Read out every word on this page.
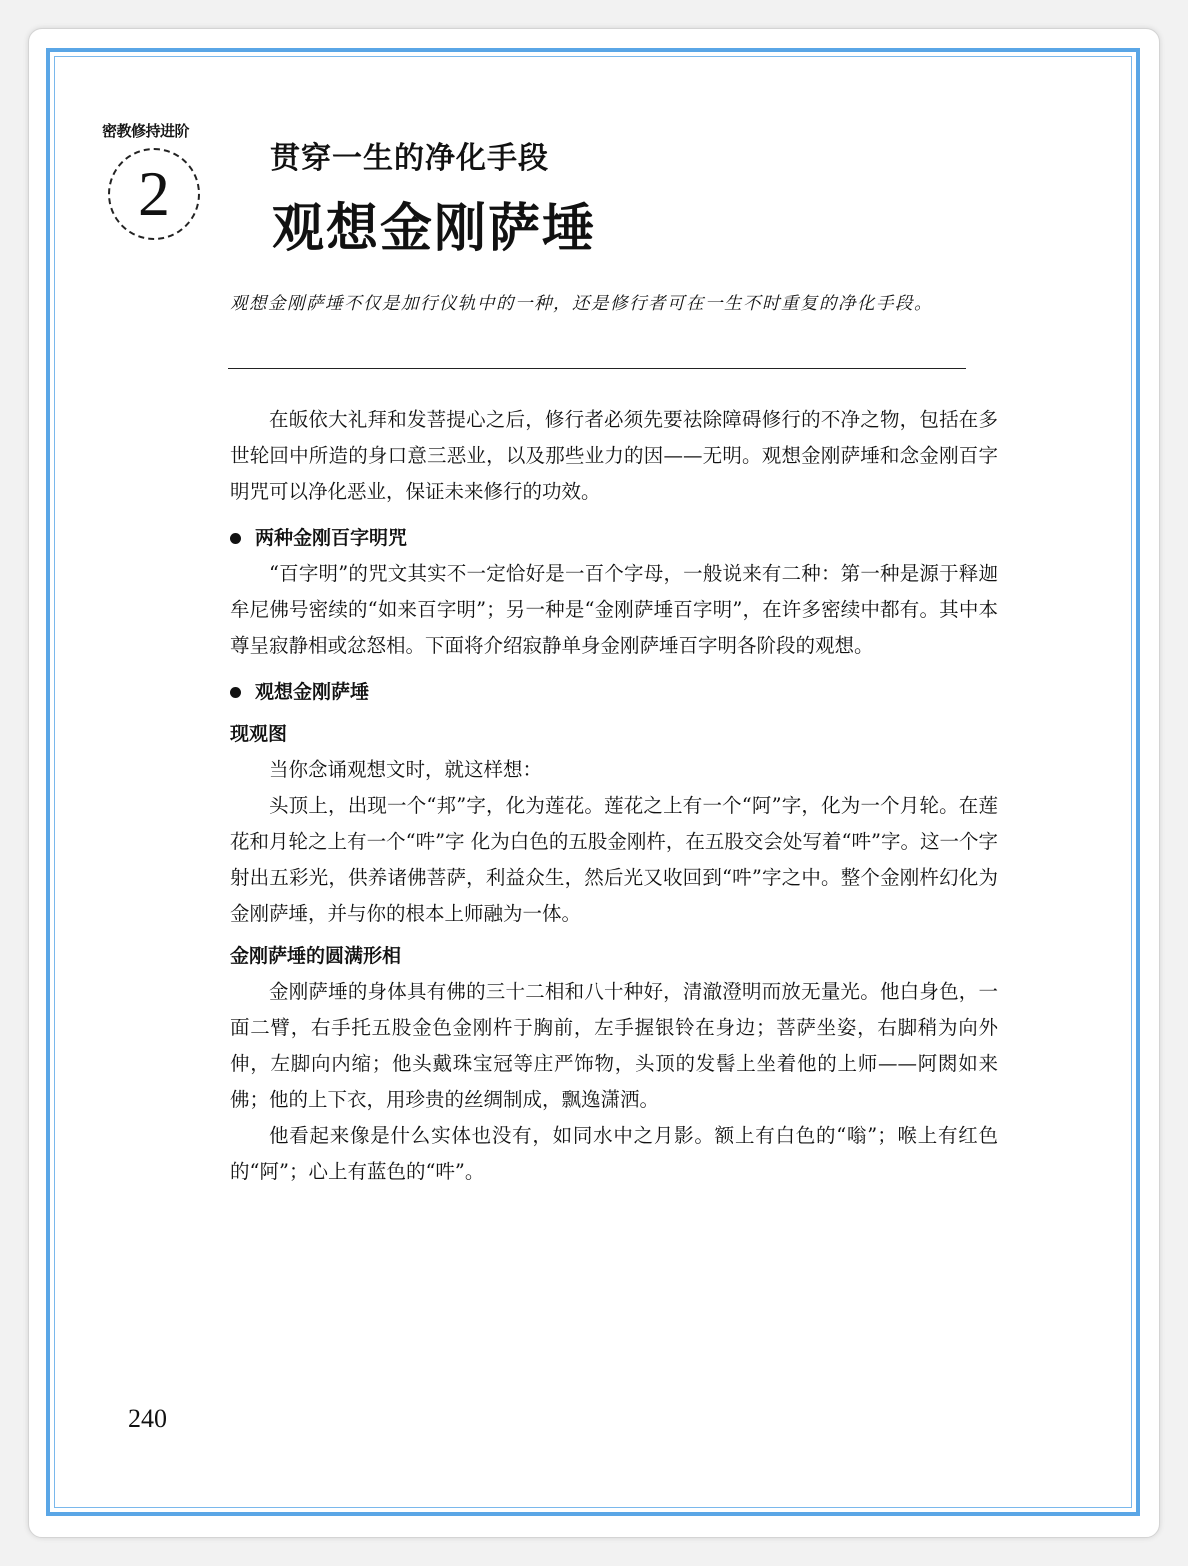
密教修持进阶
2	贯穿一生的净化手段
观想金刚萨埵
观想金刚萨埵不仅是加行仪轨中的一种，还是修行者可在一生不时重复的净化手段。

在皈依大礼拜和发菩提心之后，修行者必须先要祛除障碍修行的不净之物，包括在多世轮回中所造的身口意三恶业，以及那些业力的因——无明。观想金刚萨埵和念金刚百字明咒可以净化恶业，保证未来修行的功效。

两种金刚百字明咒

“百字明”的咒文其实不一定恰好是一百个字母，一般说来有二种：第一种是源于释迦牟尼佛号密续的“如来百字明”；另一种是“金刚萨埵百字明”，在许多密续中都有。其中本尊呈寂静相或忿怒相。下面将介绍寂静单身金刚萨埵百字明各阶段的观想。

观想金刚萨埵
现观图

当你念诵观想文时，就这样想：

头顶上，出现一个“邦”字，化为莲花。莲花之上有一个“阿”字，化为一个月轮。在莲花和月轮之上有一个“吽”字 化为白色的五股金刚杵，在五股交会处写着“吽”字。这一个字射出五彩光，供养诸佛菩萨，利益众生，然后光又收回到“吽”字之中。整个金刚杵幻化为金刚萨埵，并与你的根本上师融为一体。

金刚萨埵的圆满形相

金刚萨埵的身体具有佛的三十二相和八十种好，清澈澄明而放无量光。他白身色，一面二臂，右手托五股金色金刚杵于胸前，左手握银铃在身边；菩萨坐姿，右脚稍为向外伸，左脚向内缩；他头戴珠宝冠等庄严饰物，头顶的发髻上坐着他的上师——阿閦如来佛；他的上下衣，用珍贵的丝绸制成，飘逸潇洒。

他看起来像是什么实体也没有，如同水中之月影。额上有白色的“嗡”；喉上有红色的“阿”；心上有蓝色的“吽”。

240
